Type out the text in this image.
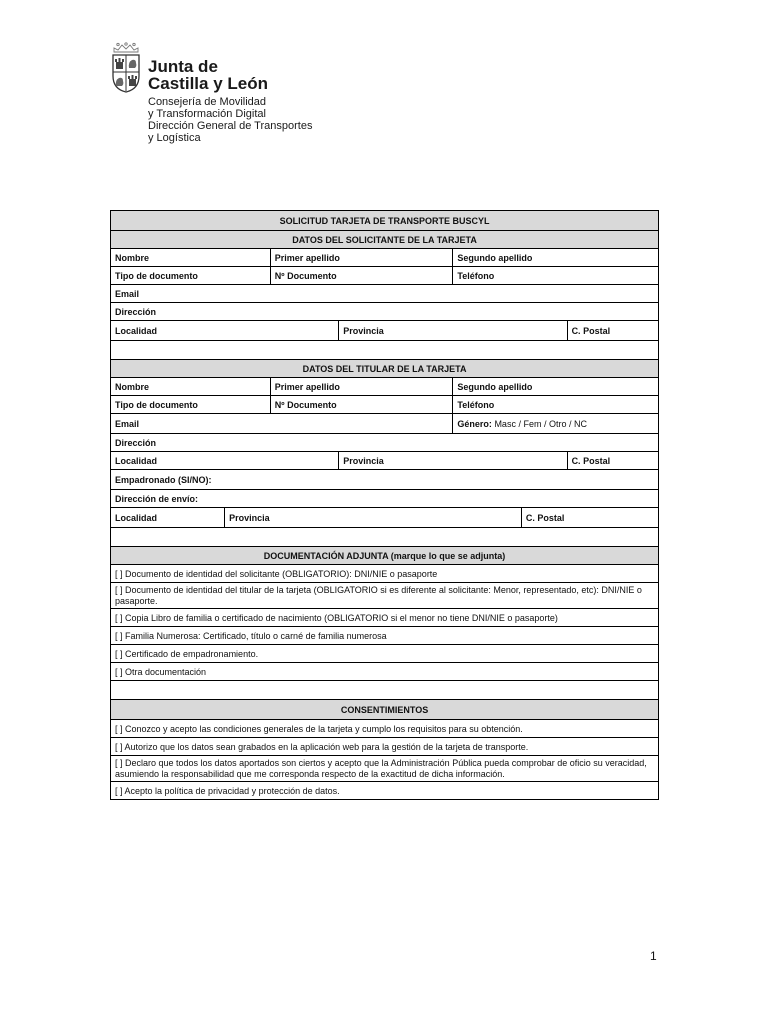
Junta de
Castilla y León
Consejería de Movilidad
y Transformación Digital
Dirección General de Transportes
y Logística
SOLICITUD TARJETA DE TRANSPORTE BUSCYL						
DATOS DEL SOLICITANTE DE LA TARJETA						
Nombre		Primer apellido		Segundo apellido		
Tipo de documento		Nº Documento		Teléfono		
Email						
Dirección						
Localidad			Provincia			C. Postal

DATOS DEL TITULAR DE LA TARJETA						
Nombre		Primer apellido		Segundo apellido		
Tipo de documento		Nº Documento		Teléfono		
Email				Género: Masc / Fem / Otro / NC		
Dirección						
Localidad			Provincia			C. Postal
Empadronado (SI/NO):						
Dirección de envío:						
Localidad	Provincia				C. Postal	

DOCUMENTACIÓN ADJUNTA (marque lo que se adjunta)						
[ ] Documento de identidad del solicitante (OBLIGATORIO): DNI/NIE o pasaporte						
[ ] Documento de identidad del titular de la tarjeta (OBLIGATORIO si es diferente al solicitante: Menor, representado, etc): DNI/NIE o pasaporte.						
[ ] Copia Libro de familia o certificado de nacimiento (OBLIGATORIO si el menor no tiene DNI/NIE o pasaporte)						
[ ] Familia Numerosa: Certificado, título o carné de familia numerosa						
[ ] Certificado de empadronamiento.						
[ ] Otra documentación						

CONSENTIMIENTOS						
[ ] Conozco y acepto las condiciones generales de la tarjeta y cumplo los requisitos para su obtención.						
[ ] Autorizo que los datos sean grabados en la aplicación web para la gestión de la tarjeta de transporte.						
[ ] Declaro que todos los datos aportados son ciertos y acepto que la Administración Pública pueda comprobar de oficio su veracidad, asumiendo la responsabilidad que me corresponda respecto de la exactitud de dicha información.						
[ ] Acepto la política de privacidad y protección de datos.						
1
